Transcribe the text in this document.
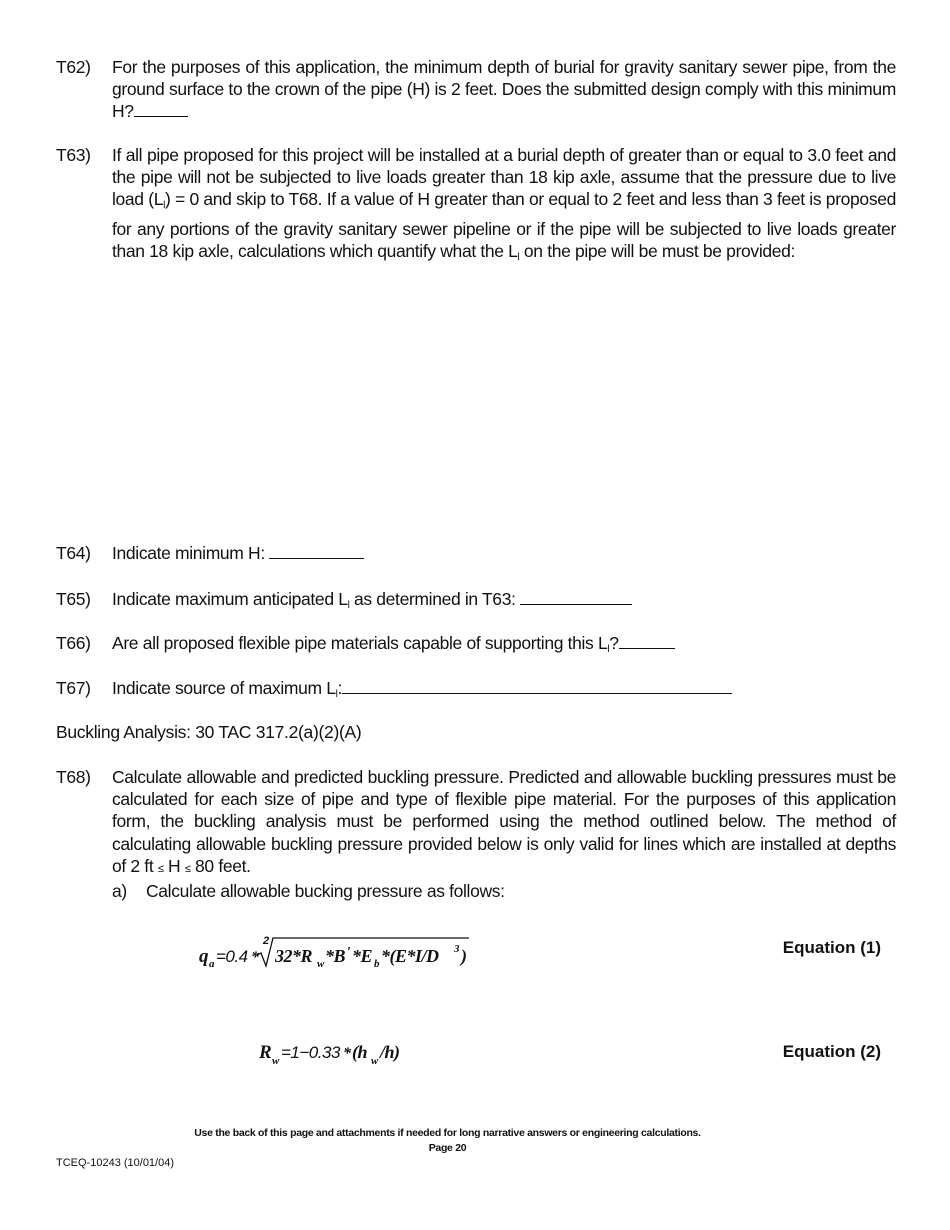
T62)	For the purposes of this application, the minimum depth of burial for gravity sanitary sewer pipe, from the ground surface to the crown of the pipe (H) is 2 feet. Does the submitted design comply with this minimum H?
T63)	If all pipe proposed for this project will be installed at a burial depth of greater than or equal to 3.0 feet and the pipe will not be subjected to live loads greater than 18 kip axle, assume that the pressure due to live load $(L_l) = 0$ and skip to T68. If a value of H greater than or equal to 2 feet and less than 3 feet is proposed for any portions of the gravity sanitary sewer pipeline or if the pipe will be subjected to live loads greater than 18 kip axle, calculations which quantify what the $L_l$ on the pipe will be must be provided:
T64)	Indicate minimum H:
T65)	Indicate maximum anticipated $L_l$ as determined in T63:
T66)	Are all proposed flexible pipe materials capable of supporting this $L_l$?
T67)	Indicate source of maximum $L_l$:
Buckling Analysis: 30 TAC 317.2(a)(2)(A)
T68)	Calculate allowable and predicted buckling pressure. Predicted and allowable buckling pressures must be calculated for each size of pipe and type of flexible pipe material. For the purposes of this application form, the buckling analysis must be performed using the method outlined below. The method of calculating allowable buckling pressure provided below is only valid for lines which are installed at depths of 2 ft ≤ H ≤ 80 feet.
a) Calculate allowable bucking pressure as follows:
q a =0.4 *
2
32*R w *B ′ *E b *(E*I/D 3 )	Equation (1)
R w =1−0.33 * (h w /h)	Equation (2)
Use the back of this page and attachments if needed for long narrative answers or engineering calculations.
Page 20
TCEQ-10243 (10/01/04)
